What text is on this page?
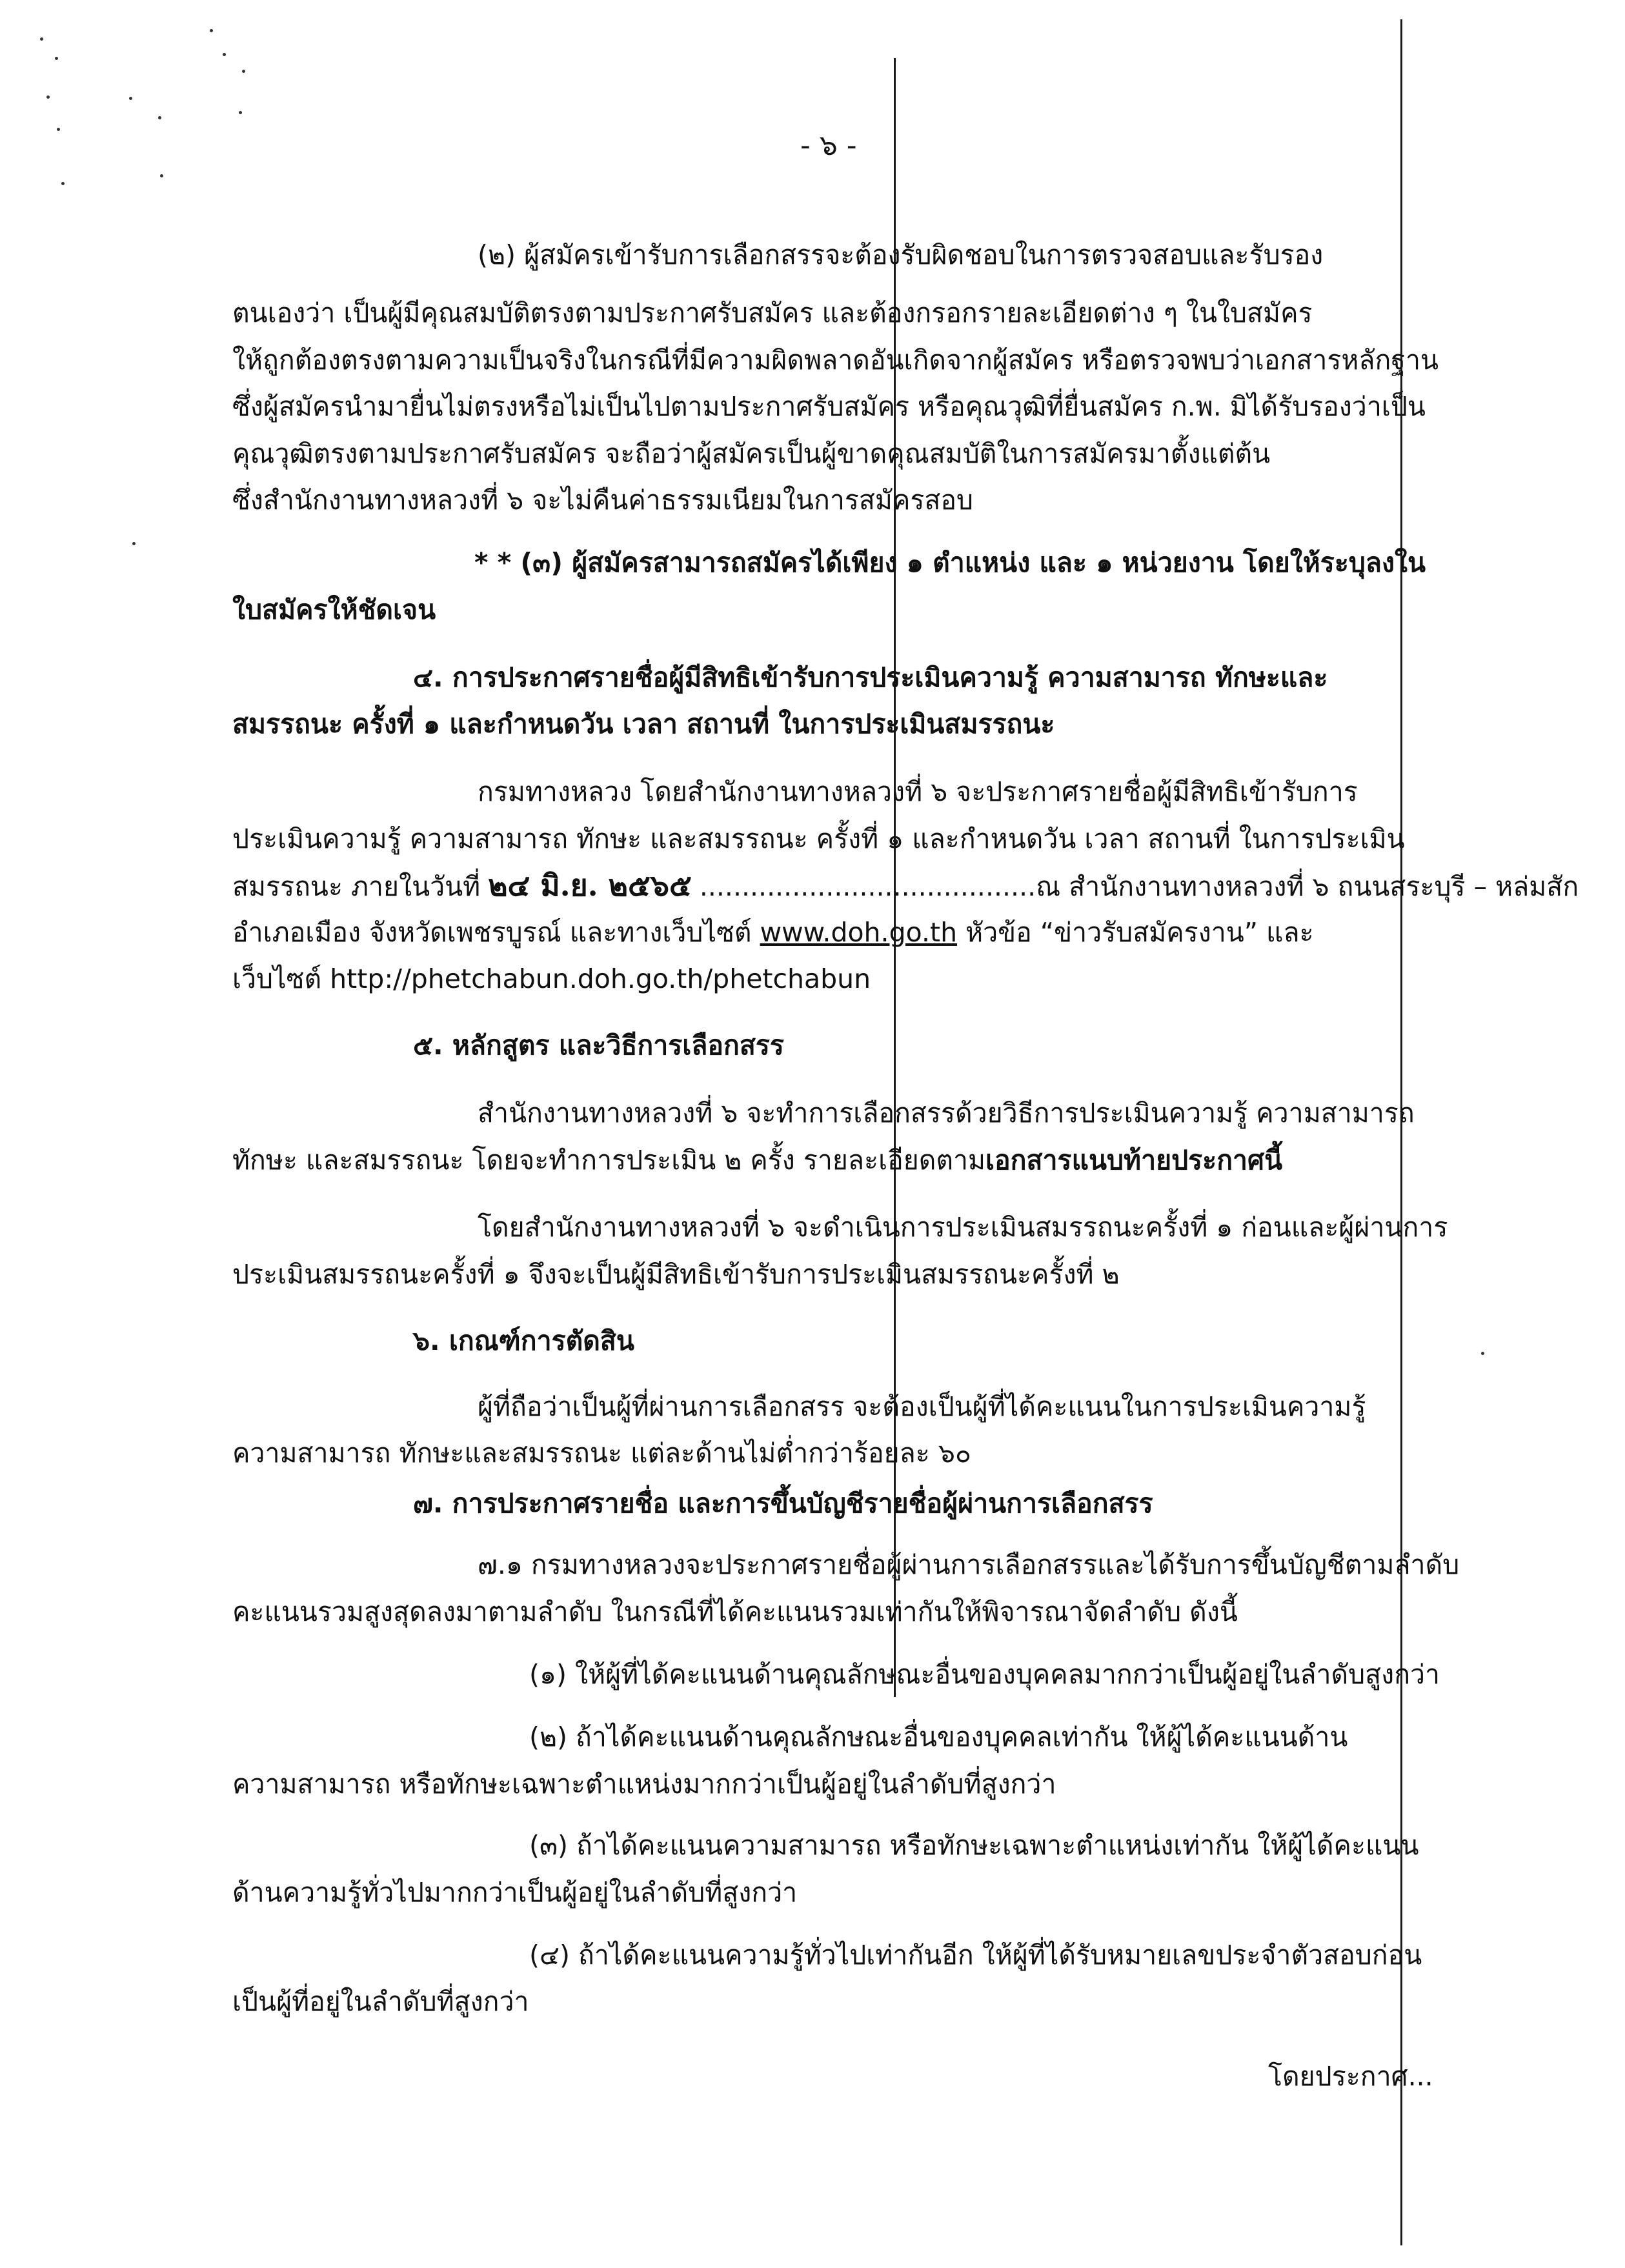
- ๖ -
(๒) ผู้สมัครเข้ารับการเลือกสรรจะต้องรับผิดชอบในการตรวจสอบและรับรอง
ตนเองว่า เป็นผู้มีคุณสมบัติตรงตามประกาศรับสมัคร และต้องกรอกรายละเอียดต่าง ๆ ในใบสมัคร
ให้ถูกต้องตรงตามความเป็นจริงในกรณีที่มีความผิดพลาดอันเกิดจากผู้สมัคร หรือตรวจพบว่าเอกสารหลักฐาน
ซึ่งผู้สมัครนำมายื่นไม่ตรงหรือไม่เป็นไปตามประกาศรับสมัคร หรือคุณวุฒิที่ยื่นสมัคร ก.พ. มิได้รับรองว่าเป็น
คุณวุฒิตรงตามประกาศรับสมัคร จะถือว่าผู้สมัครเป็นผู้ขาดคุณสมบัติในการสมัครมาตั้งแต่ต้น
ซึ่งสำนักงานทางหลวงที่ ๖ จะไม่คืนค่าธรรมเนียมในการสมัครสอบ
* * (๓) ผู้สมัครสามารถสมัครได้เพียง ๑ ตำแหน่ง และ ๑ หน่วยงาน โดยให้ระบุลงใน
ใบสมัครให้ชัดเจน
๔. การประกาศรายชื่อผู้มีสิทธิเข้ารับการประเมินความรู้ ความสามารถ ทักษะและ
สมรรถนะ ครั้งที่ ๑ และกำหนดวัน เวลา สถานที่ ในการประเมินสมรรถนะ
กรมทางหลวง โดยสำนักงานทางหลวงที่ ๖ จะประกาศรายชื่อผู้มีสิทธิเข้ารับการ
ประเมินความรู้ ความสามารถ ทักษะ และสมรรถนะ ครั้งที่ ๑ และกำหนดวัน เวลา สถานที่ ในการประเมิน
สมรรถนะ ภายในวันที่ ๒๔ มิ.ย. ๒๕๖๕ ........................................ณ สำนักงานทางหลวงที่ ๖ ถนนสระบุรี – หล่มสัก
อำเภอเมือง จังหวัดเพชรบูรณ์ และทางเว็บไซต์ www.doh.go.th หัวข้อ “ข่าวรับสมัครงาน” และ
เว็บไซต์ http://phetchabun.doh.go.th/phetchabun
๕. หลักสูตร และวิธีการเลือกสรร
สำนักงานทางหลวงที่ ๖ จะทำการเลือกสรรด้วยวิธีการประเมินความรู้ ความสามารถ
ทักษะ และสมรรถนะ โดยจะทำการประเมิน ๒ ครั้ง รายละเอียดตามเอกสารแนบท้ายประกาศนี้
โดยสำนักงานทางหลวงที่ ๖ จะดำเนินการประเมินสมรรถนะครั้งที่ ๑ ก่อนและผู้ผ่านการ
ประเมินสมรรถนะครั้งที่ ๑ จึงจะเป็นผู้มีสิทธิเข้ารับการประเมินสมรรถนะครั้งที่ ๒
๖. เกณฑ์การตัดสิน
ผู้ที่ถือว่าเป็นผู้ที่ผ่านการเลือกสรร จะต้องเป็นผู้ที่ได้คะแนนในการประเมินความรู้
ความสามารถ ทักษะและสมรรถนะ แต่ละด้านไม่ต่ำกว่าร้อยละ ๖๐
๗. การประกาศรายชื่อ และการขึ้นบัญชีรายชื่อผู้ผ่านการเลือกสรร
๗.๑ กรมทางหลวงจะประกาศรายชื่อผู้ผ่านการเลือกสรรและได้รับการขึ้นบัญชีตามลำดับ
คะแนนรวมสูงสุดลงมาตามลำดับ ในกรณีที่ได้คะแนนรวมเท่ากันให้พิจารณาจัดลำดับ ดังนี้
(๑) ให้ผู้ที่ได้คะแนนด้านคุณลักษณะอื่นของบุคคลมากกว่าเป็นผู้อยู่ในลำดับสูงกว่า
(๒) ถ้าได้คะแนนด้านคุณลักษณะอื่นของบุคคลเท่ากัน ให้ผู้ได้คะแนนด้าน
ความสามารถ หรือทักษะเฉพาะตำแหน่งมากกว่าเป็นผู้อยู่ในลำดับที่สูงกว่า
(๓) ถ้าได้คะแนนความสามารถ หรือทักษะเฉพาะตำแหน่งเท่ากัน ให้ผู้ได้คะแนน
ด้านความรู้ทั่วไปมากกว่าเป็นผู้อยู่ในลำดับที่สูงกว่า
(๔) ถ้าได้คะแนนความรู้ทั่วไปเท่ากันอีก ให้ผู้ที่ได้รับหมายเลขประจำตัวสอบก่อน
เป็นผู้ที่อยู่ในลำดับที่สูงกว่า
โดยประกาศ...
